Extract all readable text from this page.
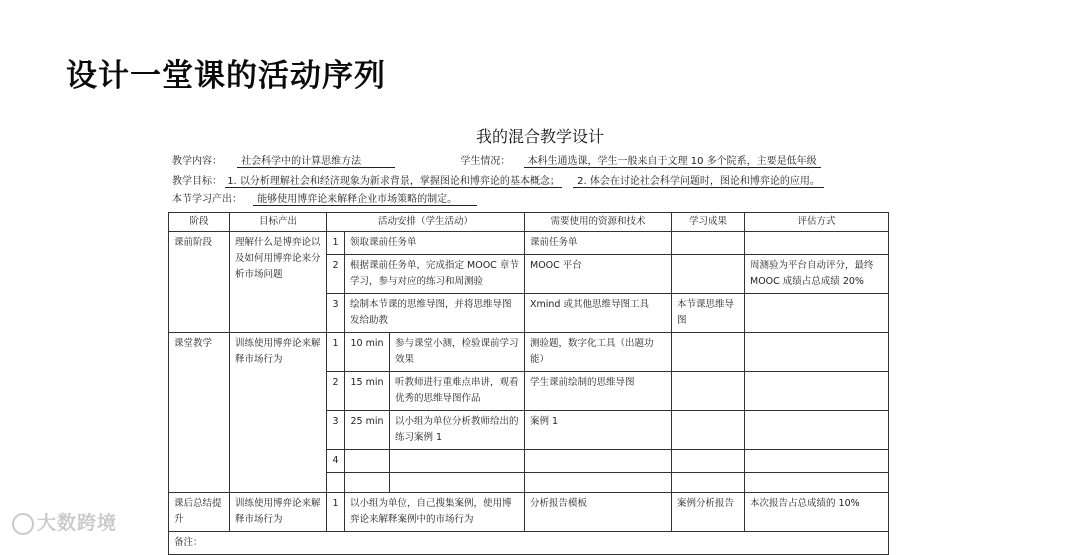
设计一堂课的活动序列
我的混合教学设计
教学内容： 社会科学中的计算思维方法	学生情况： 本科生通选课，学生一般来自于文理 10 多个院系，主要是低年级
教学目标： 1. 以分析理解社会和经济现象为新求背景，掌握图论和博弈论的基本概念； 2. 体会在讨论社会科学问题时，图论和博弈论的应用。
本节学习产出： 能够使用博弈论来解释企业市场策略的制定。
阶段	目标产出	活动安排（学生活动）			需要使用的资源和技术	学习成果	评估方式
课前阶段	理解什么是博弈论以及如何用博弈论来分析市场问题	1	领取课前任务单		课前任务单		
		2	根据课前任务单，完成指定 MOOC 章节学习，参与对应的练习和周测验		MOOC 平台		周测验为平台自动评分，最终 MOOC 成绩占总成绩 20%
		3	绘制本节课的思维导图，并将思维导图发给助教		Xmind 或其他思维导图工具	本节课思维导图	
课堂教学	训练使用博弈论来解释市场行为	1	10 min	参与课堂小测，检验课前学习效果	测验题，数字化工具（出题功能）		
		2	15 min	听教师进行重难点串讲，观看优秀的思维导图作品	学生课前绘制的思维导图		
		3	25 min	以小组为单位分析教师给出的练习案例 1	案例 1		
		4					

课后总结提升	训练使用博弈论来解释市场行为	1	以小组为单位，自己搜集案例，使用博弈论来解释案例中的市场行为		分析报告模板	案例分析报告	本次报告占总成绩的 10%
备注：							
大数跨境
